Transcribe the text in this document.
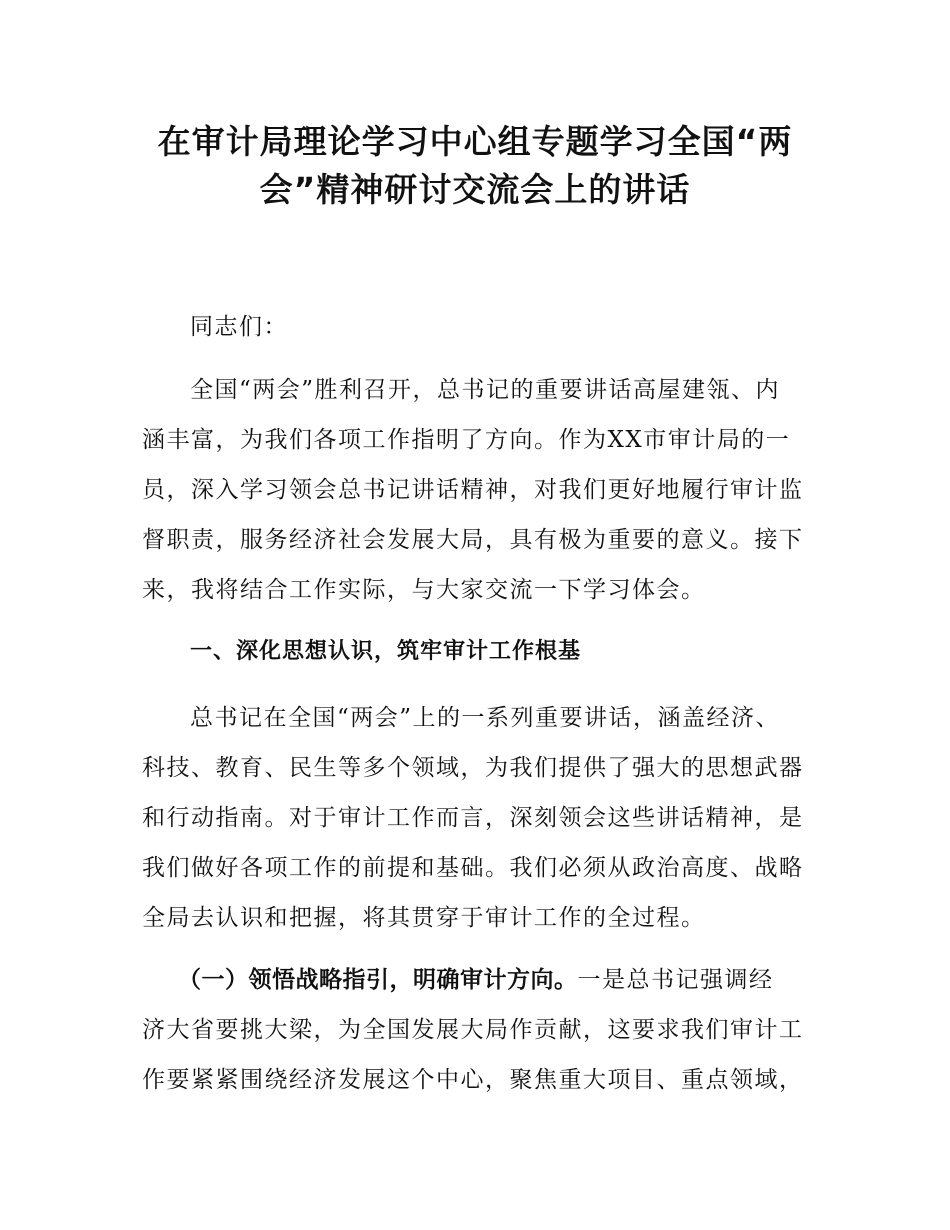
在审计局理论学习中心组专题学习全国“两
会”精神研讨交流会上的讲话

同志们：

全国“两会”胜利召开，总书记的重要讲话高屋建瓴、内
涵丰富，为我们各项工作指明了方向。作为XX市审计局的一
员，深入学习领会总书记讲话精神，对我们更好地履行审计监
督职责，服务经济社会发展大局，具有极为重要的意义。接下
来，我将结合工作实际，与大家交流一下学习体会。

一、深化思想认识，筑牢审计工作根基

总书记在全国“两会”上的一系列重要讲话，涵盖经济、
科技、教育、民生等多个领域，为我们提供了强大的思想武器
和行动指南。对于审计工作而言，深刻领会这些讲话精神，是
我们做好各项工作的前提和基础。我们必须从政治高度、战略
全局去认识和把握，将其贯穿于审计工作的全过程。

（一）领悟战略指引，明确审计方向。一是总书记强调经
济大省要挑大梁，为全国发展大局作贡献，这要求我们审计工
作要紧紧围绕经济发展这个中心，聚焦重大项目、重点领域，
